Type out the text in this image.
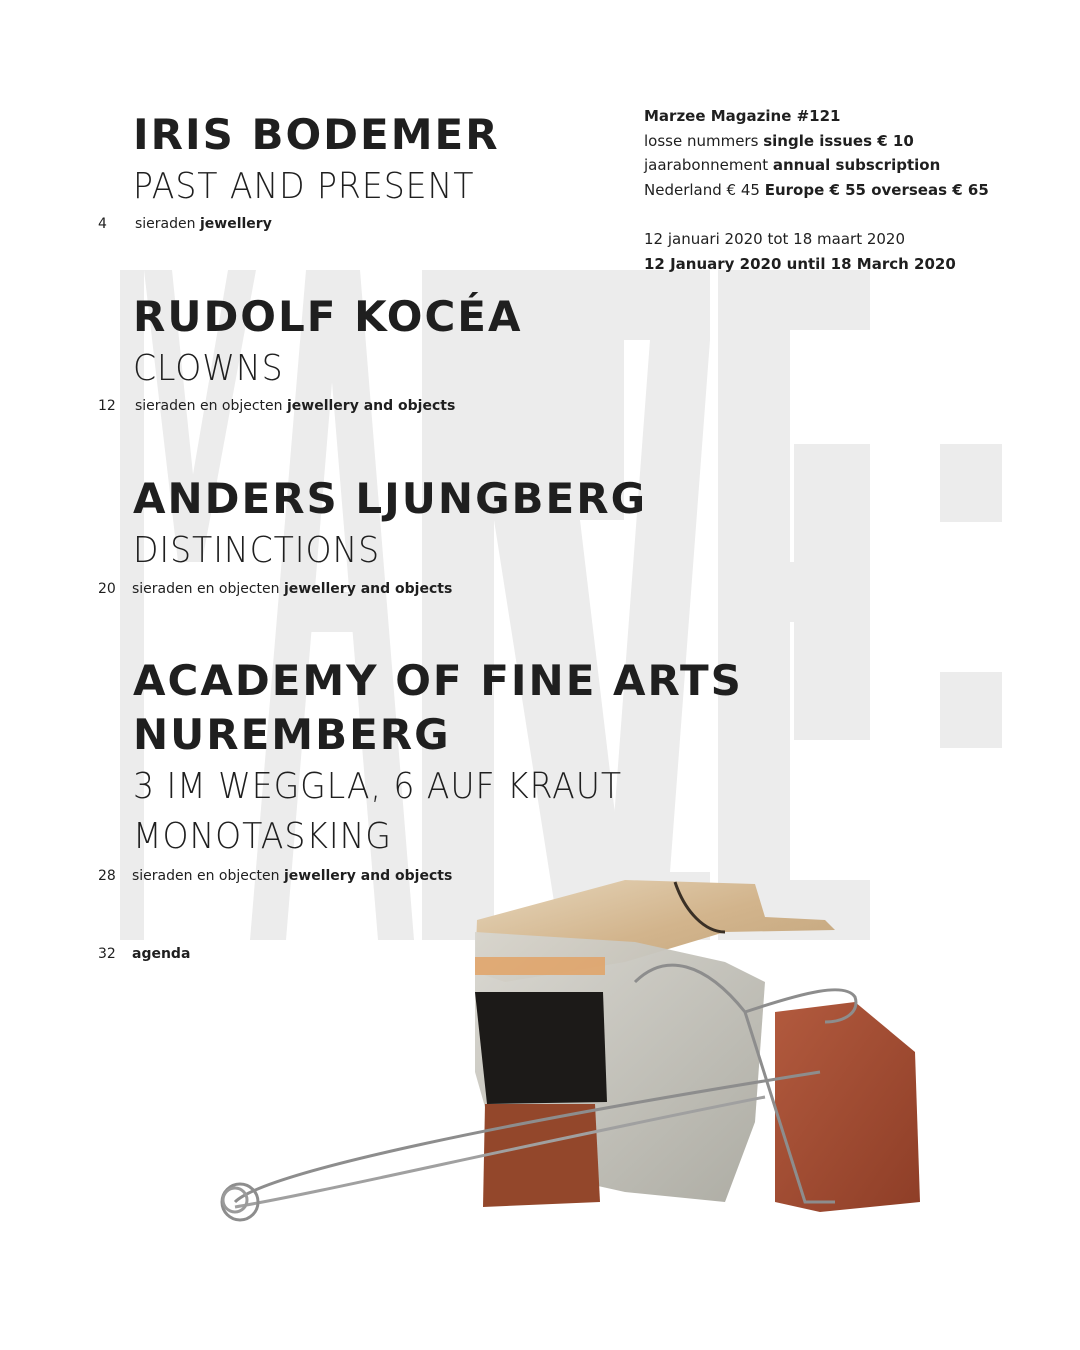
IRIS BODEMER
PAST AND PRESENT
4 sieraden jewellery
RUDOLF KOCÉA
CLOWNS
12 sieraden en objecten jewellery and objects
ANDERS LJUNGBERG
DISTINCTIONS
20 sieraden en objecten jewellery and objects
ACADEMY OF FINE ARTS
NUREMBERG
3 IM WEGGLA, 6 AUF KRAUT
MONOTASKING
28 sieraden en objecten jewellery and objects
32 agenda
Marzee Magazine #121
losse nummers single issues € 10
jaarabonnement annual subscription
Nederland € 45 Europe € 55 overseas € 65
12 januari 2020 tot 18 maart 2020
12 January 2020 until 18 March 2020
